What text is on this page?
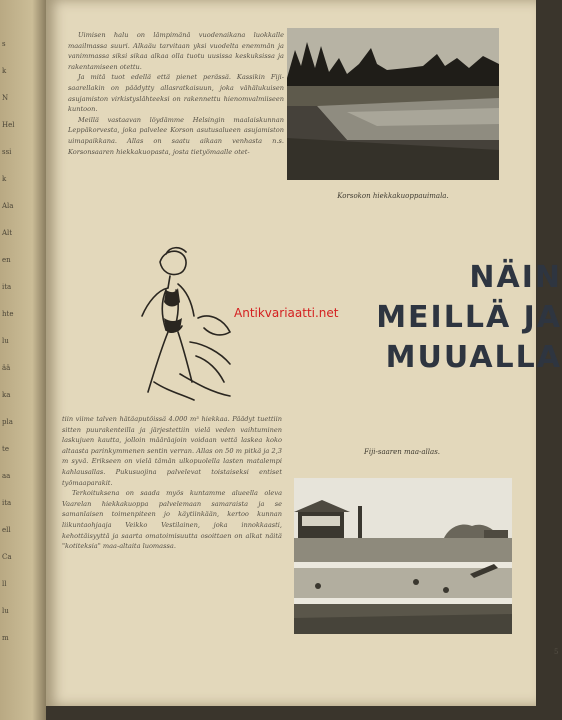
s
k
N
Hel
ssi
k
Ala
Alt
en
ita
hte
lu
ää
ka
pla
te
aa
ita
ell
Ca
ll
lu
m

Uimisen halu on lämpimänä vuodenaikana luokkalle maailmassa suuri. Alkaäu tarvitaan yksi vuodelta enemmän ja vanimmassa siksi sikaa alkaa olla tuotu uusissa keskuksissa ja rakentamiseen otettu.

Ja mitä tuot edellä että pienet perässä. Kassikin Fiji-saarellakin on päädytty allasratkaisuun, joka vähälukuisen asujamiston virkistyslähteeksi on rakennettu hienomvalmiiseen kuntoon.

Meillä vastaavan löydämme Helsingin maalaiskunnan Leppäkorvesta, joka palvelee Korson asutusalueen asujamiston uimapaikkana. Allas on saatu aikaan venhasta n.s. Korsonsaaren hiekkakuopasta, josta tietyömaalle otet-

Korsokon hiekkakuoppauimala.
NÄIN
MEILLÄ JA
MUUALLA
Antikvariaatti.net

tiin viime talven hätäaputöissä 4.000 m³ hiekkaa. Päädyt tuettiin sitten puurakenteilla ja järjestettiin vielä veden vaihtuminen laskujuen kautta, jolloin määräajoin voidaan vettä laskea koko altaasta parinkymmenen sentin verran. Allas on 50 m pitkä ja 2,3 m syvä. Erikseen on vielä tämän ulkopuolella lasten matalempi kahlausallas. Pukusuojina palvelevat toistaiseksi entiset työmaaparakit.

Terkoituksena on saada myös kuntamme alueella oleva Vaarelan hiekkakuoppa palvelemaan samaraista ja se samanlaisen toimenpiteen jo käytiinkään, kertoo kunnan liikuntaohjaaja Veikko Vestilainen, joka innokkaasti, kehottäisyyttä ja saarta omatoimisuutta osoittaen on alkat näitä "kotiteksia" maa-altaita luomassa.

Fiji-saaren maa-allas.
5
